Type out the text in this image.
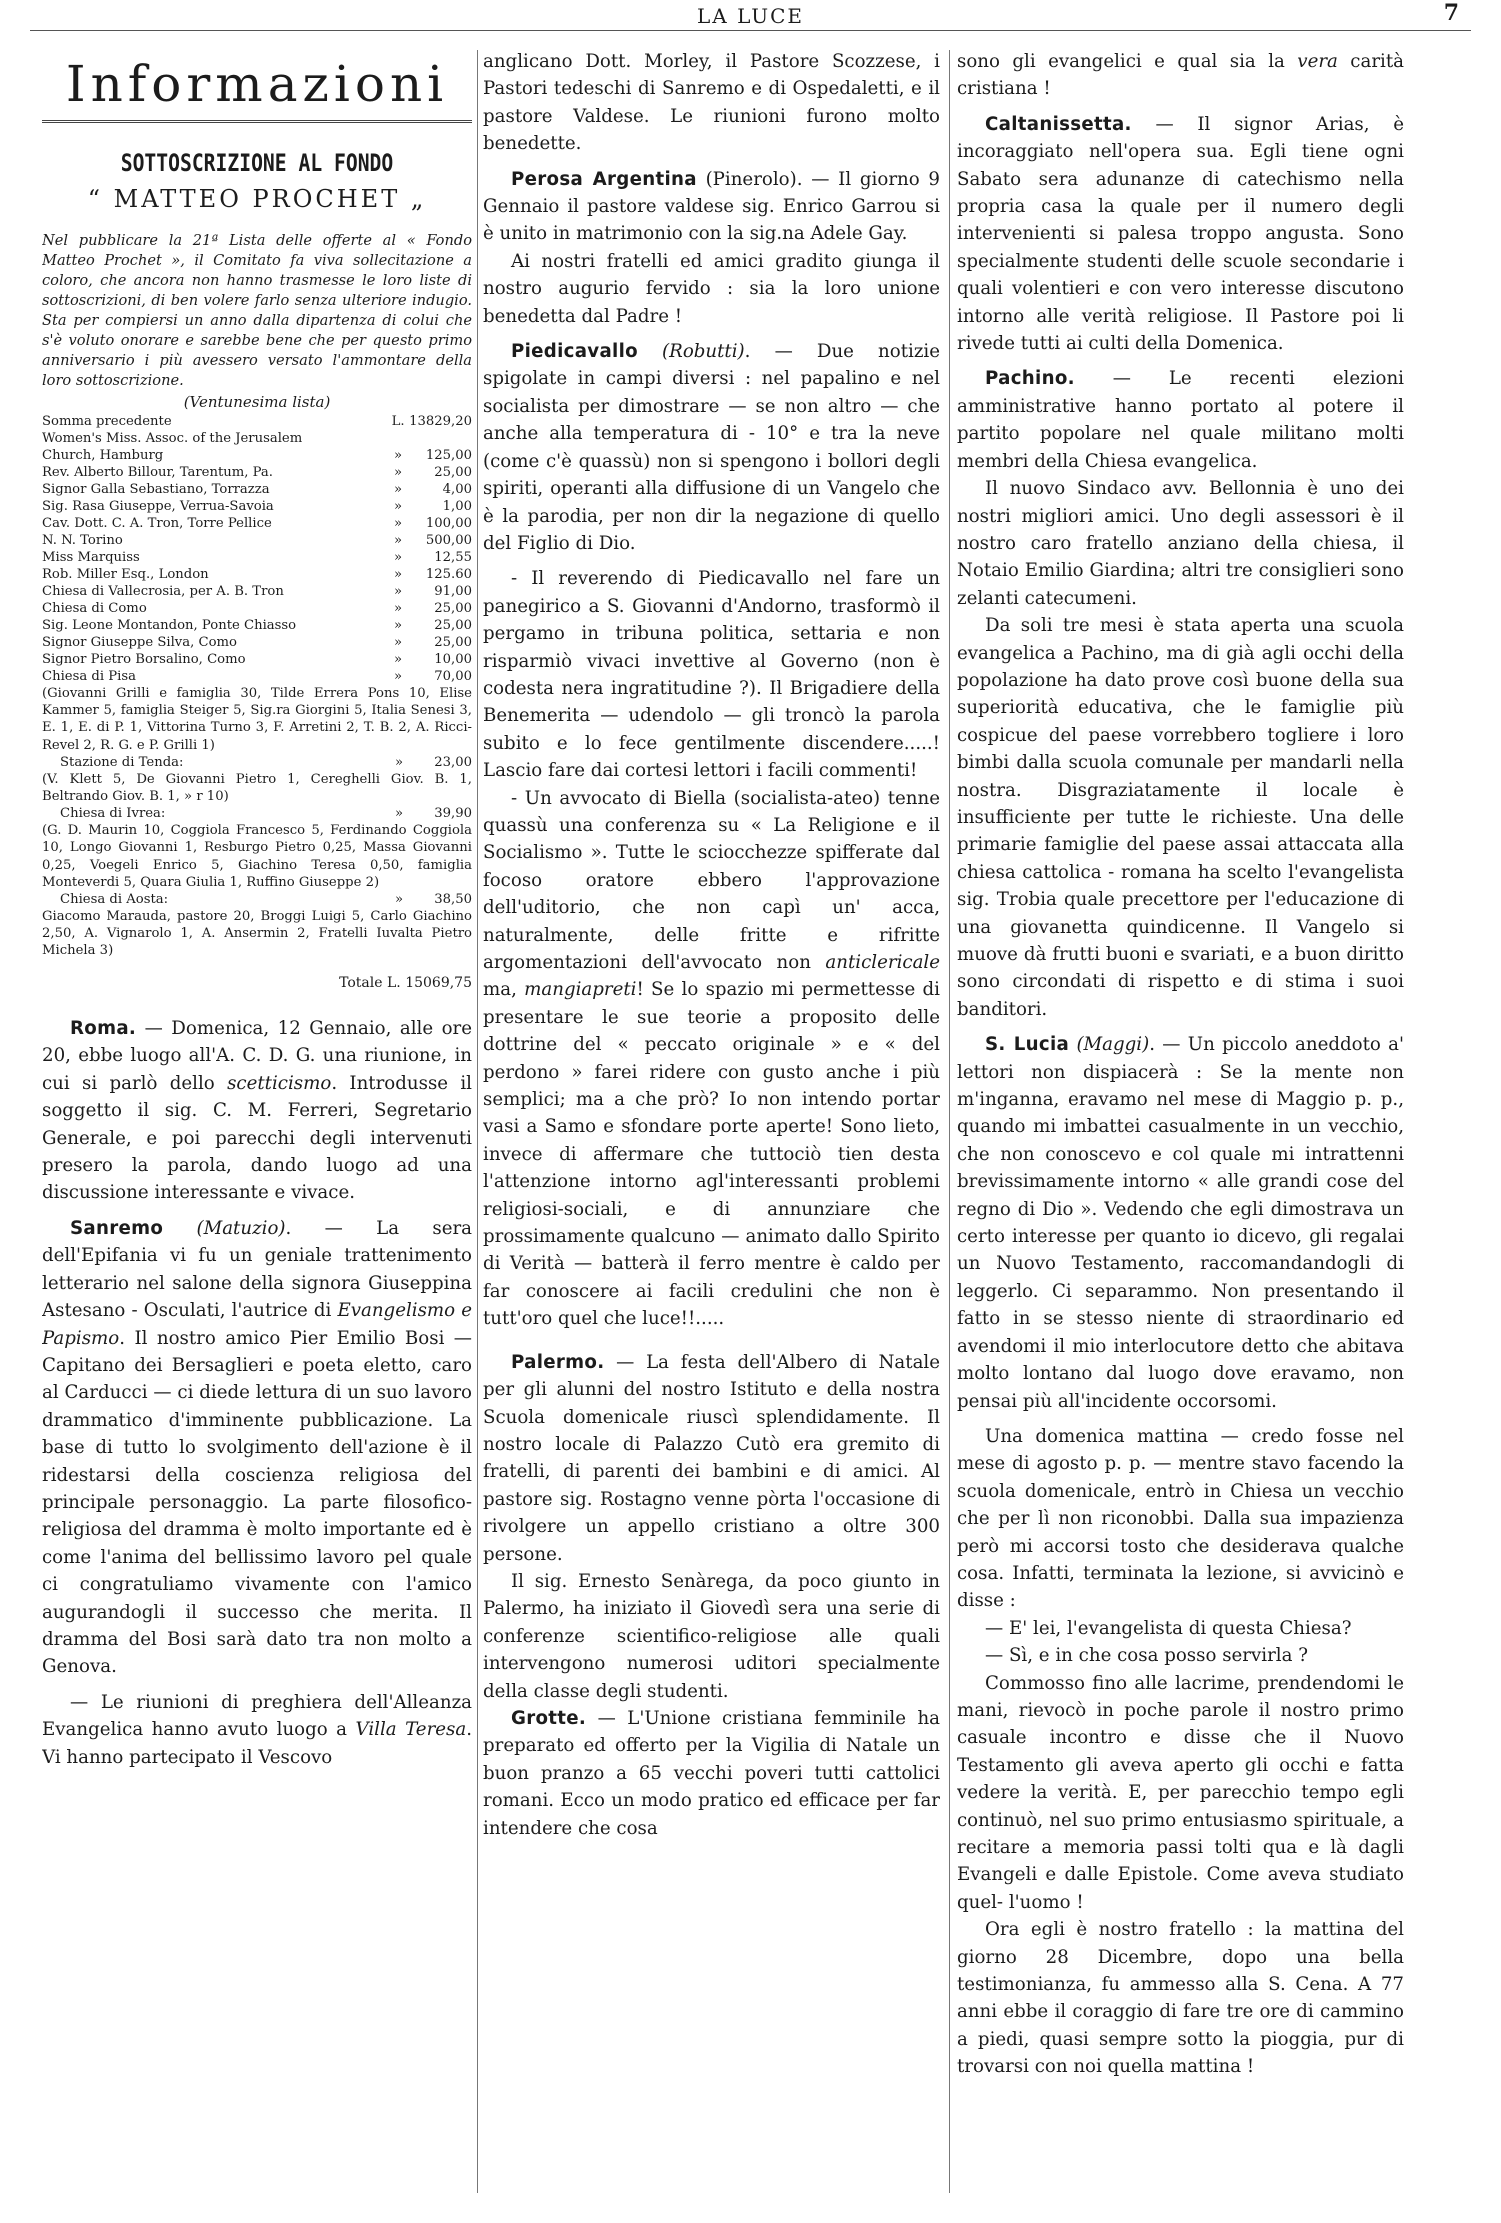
LA LUCE	7
Informazioni
SOTTOSCRIZIONE AL FONDO
“ MATTEO PROCHET „
Nel pubblicare la 21ª Lista delle offerte al « Fondo Matteo Prochet », il Comitato fa viva sollecitazione a coloro, che ancora non hanno trasmesse le loro liste di sottoscrizioni, di ben volere farlo senza ulteriore indugio. Sta per compiersi un anno dalla dipartenza di colui che s'è voluto onorare e sarebbe bene che per questo primo anniversario i più avessero versato l'ammontare della loro sottoscrizione.
(Ventunesima lista)
Somma precedente	L.	13829,20
Women's Miss. Assoc. of the Jerusalem		
Church, Hamburg	»	125,00
Rev. Alberto Billour, Tarentum, Pa.	»	25,00
Signor Galla Sebastiano, Torrazza	»	4,00
Sig. Rasa Giuseppe, Verrua-Savoia	»	1,00
Cav. Dott. C. A. Tron, Torre Pellice	»	100,00
N. N. Torino	»	500,00
Miss Marquiss	»	12,55
Rob. Miller Esq., London	»	125.60
Chiesa di Vallecrosia, per A. B. Tron	»	91,00
Chiesa di Como	»	25,00
Sig. Leone Montandon, Ponte Chiasso	»	25,00
Signor Giuseppe Silva, Como	»	25,00
Signor Pietro Borsalino, Como	»	10,00
Chiesa di Pisa	»	70,00
(Giovanni Grilli e famiglia 30, Tilde Errera Pons 10, Elise Kammer 5, famiglia Steiger 5, Sig.ra Giorgini 5, Italia Senesi 3, E. 1, E. di P. 1, Vittorina Turno 3, F. Arretini 2, T. B. 2, A. Ricci-Revel 2, R. G. e P. Grilli 1)
Stazione di Tenda:	»	23,00
(V. Klett 5, De Giovanni Pietro 1, Cereghelli Giov. B. 1, Beltrando Giov. B. 1, » r 10)
Chiesa di Ivrea:	»	39,90
(G. D. Maurin 10, Coggiola Francesco 5, Ferdinando Coggiola 10, Longo Giovanni 1, Resburgo Pietro 0,25, Massa Giovanni 0,25, Voegeli Enrico 5, Giachino Teresa 0,50, famiglia Monteverdi 5, Quara Giulia 1, Ruffino Giuseppe 2)
Chiesa di Aosta:	»	38,50
Giacomo Marauda, pastore 20, Broggi Luigi 5, Carlo Giachino 2,50, A. Vignarolo 1, A. Ansermin 2, Fratelli Iuvalta Pietro Michela 3)
Totale L. 15069,75

Roma. — Domenica, 12 Gennaio, alle ore 20, ebbe luogo all'A. C. D. G. una riunione, in cui si parlò dello scetticismo. Introdusse il soggetto il sig. C. M. Ferreri, Segretario Generale, e poi parecchi degli intervenuti presero la parola, dando luogo ad una discussione interessante e vivace.

Sanremo (Matuzio). — La sera dell'Epifania vi fu un geniale trattenimento letterario nel salone della signora Giuseppina Astesano - Osculati, l'autrice di Evangelismo e Papismo. Il nostro amico Pier Emilio Bosi — Capitano dei Bersaglieri e poeta eletto, caro al Carducci — ci diede lettura di un suo lavoro drammatico d'imminente pubblicazione. La base di tutto lo svolgimento dell'azione è il ridestarsi della coscienza religiosa del principale personaggio. La parte filosofico-religiosa del dramma è molto importante ed è come l'anima del bellissimo lavoro pel quale ci congratuliamo vivamente con l'amico augurandogli il successo che merita. Il dramma del Bosi sarà dato tra non molto a Genova.

— Le riunioni di preghiera dell'Alleanza Evangelica hanno avuto luogo a Villa Teresa. Vi hanno partecipato il Vescovo

anglicano Dott. Morley, il Pastore Scozzese, i Pastori tedeschi di Sanremo e di Ospedaletti, e il pastore Valdese. Le riunioni furono molto benedette.

Perosa Argentina (Pinerolo). — Il giorno 9 Gennaio il pastore valdese sig. Enrico Garrou si è unito in matrimonio con la sig.na Adele Gay.

Ai nostri fratelli ed amici gradito giunga il nostro augurio fervido : sia la loro unione benedetta dal Padre !

Piedicavallo (Robutti). — Due notizie spigolate in campi diversi : nel papalino e nel socialista per dimostrare — se non altro — che anche alla temperatura di - 10° e tra la neve (come c'è quassù) non si spengono i bollori degli spiriti, operanti alla diffusione di un Vangelo che è la parodia, per non dir la negazione di quello del Figlio di Dio.

- Il reverendo di Piedicavallo nel fare un panegirico a S. Giovanni d'Andorno, trasformò il pergamo in tribuna politica, settaria e non risparmiò vivaci invettive al Governo (non è codesta nera ingratitudine ?). Il Brigadiere della Benemerita — udendolo — gli troncò la parola subito e lo fece gentilmente discendere.....! Lascio fare dai cortesi lettori i facili commenti!

- Un avvocato di Biella (socialista-ateo) tenne quassù una conferenza su « La Religione e il Socialismo ». Tutte le sciocchezze spifferate dal focoso oratore ebbero l'approvazione dell'uditorio, che non capì un' acca, naturalmente, delle fritte e rifritte argomentazioni dell'avvocato non anticlericale ma, mangiapreti! Se lo spazio mi permettesse di presentare le sue teorie a proposito delle dottrine del « peccato originale » e « del perdono » farei ridere con gusto anche i più semplici; ma a che prò? Io non intendo portar vasi a Samo e sfondare porte aperte! Sono lieto, invece di affermare che tuttociò tien desta l'attenzione intorno agl'interessanti problemi religiosi-sociali, e di annunziare che prossimamente qualcuno — animato dallo Spirito di Verità — batterà il ferro mentre è caldo per far conoscere ai facili credulini che non è tutt'oro quel che luce!!.....

Palermo. — La festa dell'Albero di Natale per gli alunni del nostro Istituto e della nostra Scuola domenicale riuscì splendidamente. Il nostro locale di Palazzo Cutò era gremito di fratelli, di parenti dei bambini e di amici. Al pastore sig. Rostagno venne pòrta l'occasione di rivolgere un appello cristiano a oltre 300 persone.

Il sig. Ernesto Senàrega, da poco giunto in Palermo, ha iniziato il Giovedì sera una serie di conferenze scientifico-religiose alle quali intervengono numerosi uditori specialmente della classe degli studenti.

Grotte. — L'Unione cristiana femminile ha preparato ed offerto per la Vigilia di Natale un buon pranzo a 65 vecchi poveri tutti cattolici romani. Ecco un modo pratico ed efficace per far intendere che cosa

sono gli evangelici e qual sia la vera carità cristiana !

Caltanissetta. — Il signor Arias, è incoraggiato nell'opera sua. Egli tiene ogni Sabato sera adunanze di catechismo nella propria casa la quale per il numero degli intervenienti si palesa troppo angusta. Sono specialmente studenti delle scuole secondarie i quali volentieri e con vero interesse discutono intorno alle verità religiose. Il Pastore poi li rivede tutti ai culti della Domenica.

Pachino. — Le recenti elezioni amministrative hanno portato al potere il partito popolare nel quale militano molti membri della Chiesa evangelica.

Il nuovo Sindaco avv. Bellonnia è uno dei nostri migliori amici. Uno degli assessori è il nostro caro fratello anziano della chiesa, il Notaio Emilio Giardina; altri tre consiglieri sono zelanti catecumeni.

Da soli tre mesi è stata aperta una scuola evangelica a Pachino, ma di già agli occhi della popolazione ha dato prove così buone della sua superiorità educativa, che le famiglie più cospicue del paese vorrebbero togliere i loro bimbi dalla scuola comunale per mandarli nella nostra. Disgraziatamente il locale è insufficiente per tutte le richieste. Una delle primarie famiglie del paese assai attaccata alla chiesa cattolica - romana ha scelto l'evangelista sig. Trobia quale precettore per l'educazione di una giovanetta quindicenne. Il Vangelo si muove dà frutti buoni e svariati, e a buon diritto sono circondati di rispetto e di stima i suoi banditori.

S. Lucia (Maggi). — Un piccolo aneddoto a' lettori non dispiacerà : Se la mente non m'inganna, eravamo nel mese di Maggio p. p., quando mi imbattei casualmente in un vecchio, che non conoscevo e col quale mi intrattenni brevissimamente intorno « alle grandi cose del regno di Dio ». Vedendo che egli dimostrava un certo interesse per quanto io dicevo, gli regalai un Nuovo Testamento, raccomandandogli di leggerlo. Ci separammo. Non presentando il fatto in se stesso niente di straordinario ed avendomi il mio interlocutore detto che abitava molto lontano dal luogo dove eravamo, non pensai più all'incidente occorsomi.

Una domenica mattina — credo fosse nel mese di agosto p. p. — mentre stavo facendo la scuola domenicale, entrò in Chiesa un vecchio che per lì non riconobbi. Dalla sua impazienza però mi accorsi tosto che desiderava qualche cosa. Infatti, terminata la lezione, si avvicinò e disse :

— E' lei, l'evangelista di questa Chiesa?

— Sì, e in che cosa posso servirla ?

Commosso fino alle lacrime, prendendomi le mani, rievocò in poche parole il nostro primo casuale incontro e disse che il Nuovo Testamento gli aveva aperto gli occhi e fatta vedere la verità. E, per parecchio tempo egli continuò, nel suo primo entusiasmo spirituale, a recitare a memoria passi tolti qua e là dagli Evangeli e dalle Epistole. Come aveva studiato quel- l'uomo !

Ora egli è nostro fratello : la mattina del giorno 28 Dicembre, dopo una bella testimonianza, fu ammesso alla S. Cena. A 77 anni ebbe il coraggio di fare tre ore di cammino a piedi, quasi sempre sotto la pioggia, pur di trovarsi con noi quella mattina !
